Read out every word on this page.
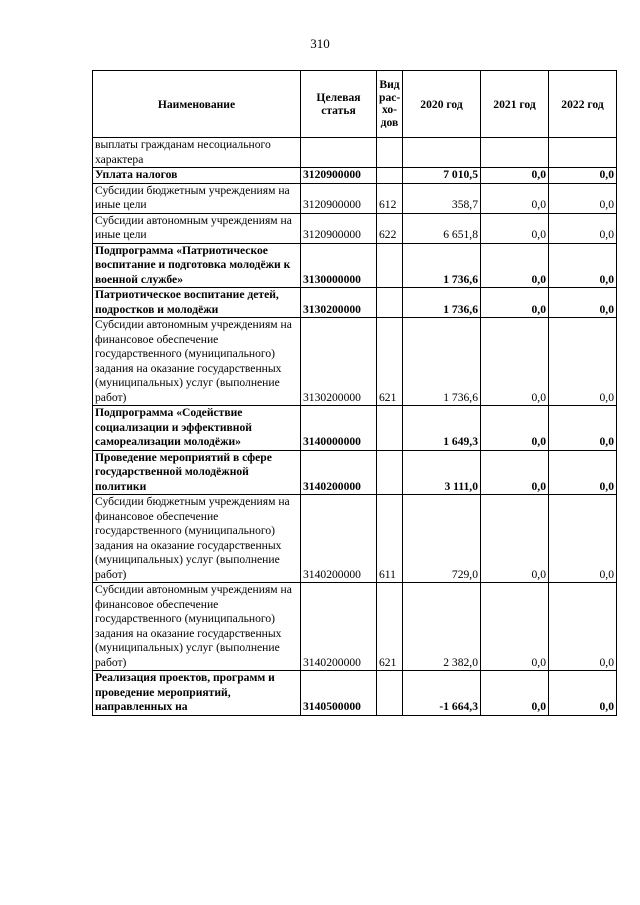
310
Наименование	Целевая статья	Вид рас-хо-дов	2020 год	2021 год	2022 год
выплаты гражданам несоциального характера					
Уплата налогов	3120900000		7 010,5	0,0	0,0
Субсидии бюджетным учреждениям на иные цели	3120900000	612	358,7	0,0	0,0
Субсидии автономным учреждениям на иные цели	3120900000	622	6 651,8	0,0	0,0
Подпрограмма «Патриотическое воспитание и подготовка молодёжи к военной службе»	3130000000		1 736,6	0,0	0,0
Патриотическое воспитание детей, подростков и молодёжи	3130200000		1 736,6	0,0	0,0
Субсидии автономным учреждениям на финансовое обеспечение государственного (муниципального) задания на оказание государственных (муниципальных) услуг (выполнение работ)	3130200000	621	1 736,6	0,0	0,0
Подпрограмма «Содействие социализации и эффективной самореализации молодёжи»	3140000000		1 649,3	0,0	0,0
Проведение мероприятий в сфере государственной молодёжной политики	3140200000		3 111,0	0,0	0,0
Субсидии бюджетным учреждениям на финансовое обеспечение государственного (муниципального) задания на оказание государственных (муниципальных) услуг (выполнение работ)	3140200000	611	729,0	0,0	0,0
Субсидии автономным учреждениям на финансовое обеспечение государственного (муниципального) задания на оказание государственных (муниципальных) услуг (выполнение работ)	3140200000	621	2 382,0	0,0	0,0
Реализация проектов, программ и проведение мероприятий, направленных на	3140500000		-1 664,3	0,0	0,0
